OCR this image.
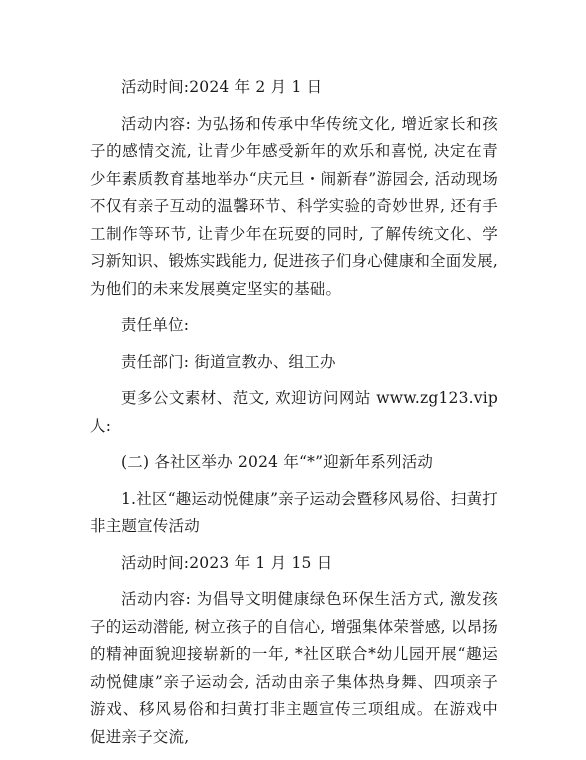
活动时间:2024 年 2 月 1 日

活动内容: 为弘扬和传承中华传统文化, 增近家长和孩子的感情交流, 让青少年感受新年的欢乐和喜悦, 决定在青少年素质教育基地举办“庆元旦・闹新春”游园会, 活动现场不仅有亲子互动的温馨环节、科学实验的奇妙世界, 还有手工制作等环节, 让青少年在玩耍的同时, 了解传统文化、学习新知识、锻炼实践能力, 促进孩子们身心健康和全面发展, 为他们的未来发展奠定坚实的基础。

责任单位:

责任部门: 街道宣教办、组工办

更多公文素材、范文, 欢迎访问网站 www.zg123.vip 人:

(二) 各社区举办 2024 年“*”迎新年系列活动

1.社区“趣运动悦健康”亲子运动会暨移风易俗、扫黄打非主题宣传活动

活动时间:2023 年 1 月 15 日

活动内容: 为倡导文明健康绿色环保生活方式, 激发孩子的运动潜能, 树立孩子的自信心, 增强集体荣誉感, 以昂扬的精神面貌迎接崭新的一年, *社区联合*幼儿园开展“趣运动悦健康”亲子运动会, 活动由亲子集体热身舞、四项亲子游戏、移风易俗和扫黄打非主题宣传三项组成。在游戏中促进亲子交流,
